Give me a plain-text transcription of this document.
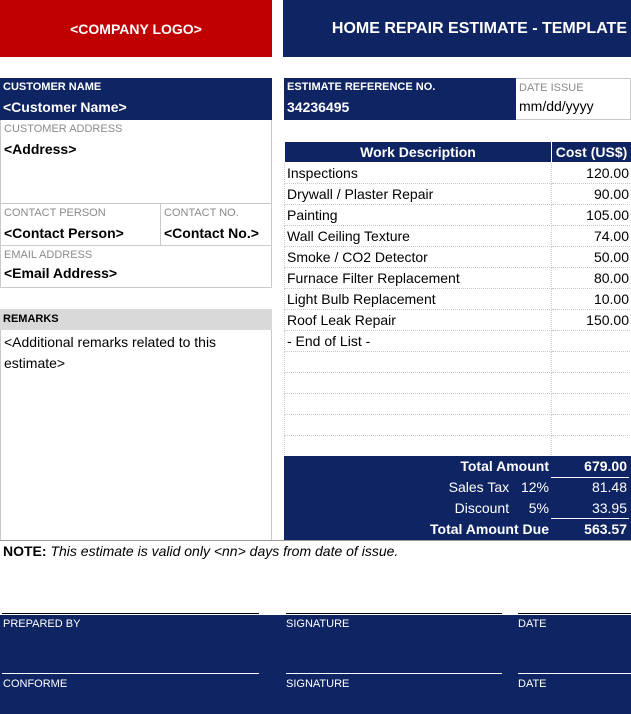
<COMPANY LOGO>	HOME REPAIR ESTIMATE - TEMPLATE
CUSTOMER NAME
<Customer Name>
CUSTOMER ADDRESS
<Address>
CONTACT PERSON
<Contact Person>
CONTACT NO.
<Contact No.>
EMAIL ADDRESS
<Email Address>
REMARKS
<Additional remarks related to this estimate>
ESTIMATE REFERENCE NO.
34236495
DATE ISSUE
mm/dd/yyyy
Work Description	Cost (US$)
Inspections	120.00
Drywall / Plaster Repair	90.00
Painting	105.00
Wall Ceiling Texture	74.00
Smoke / CO2 Detector	50.00
Furnace Filter Replacement	80.00
Light Bulb Replacement	10.00
Roof Leak Repair	150.00
- End of List -	

Total Amount	679.00
Sales Tax 12%	81.48
Discount 5%	33.95
Total Amount Due	563.57
NOTE: This estimate is valid only <nn> days from date of issue.
PREPARED BY	SIGNATURE	DATE
CONFORME	SIGNATURE	DATE
